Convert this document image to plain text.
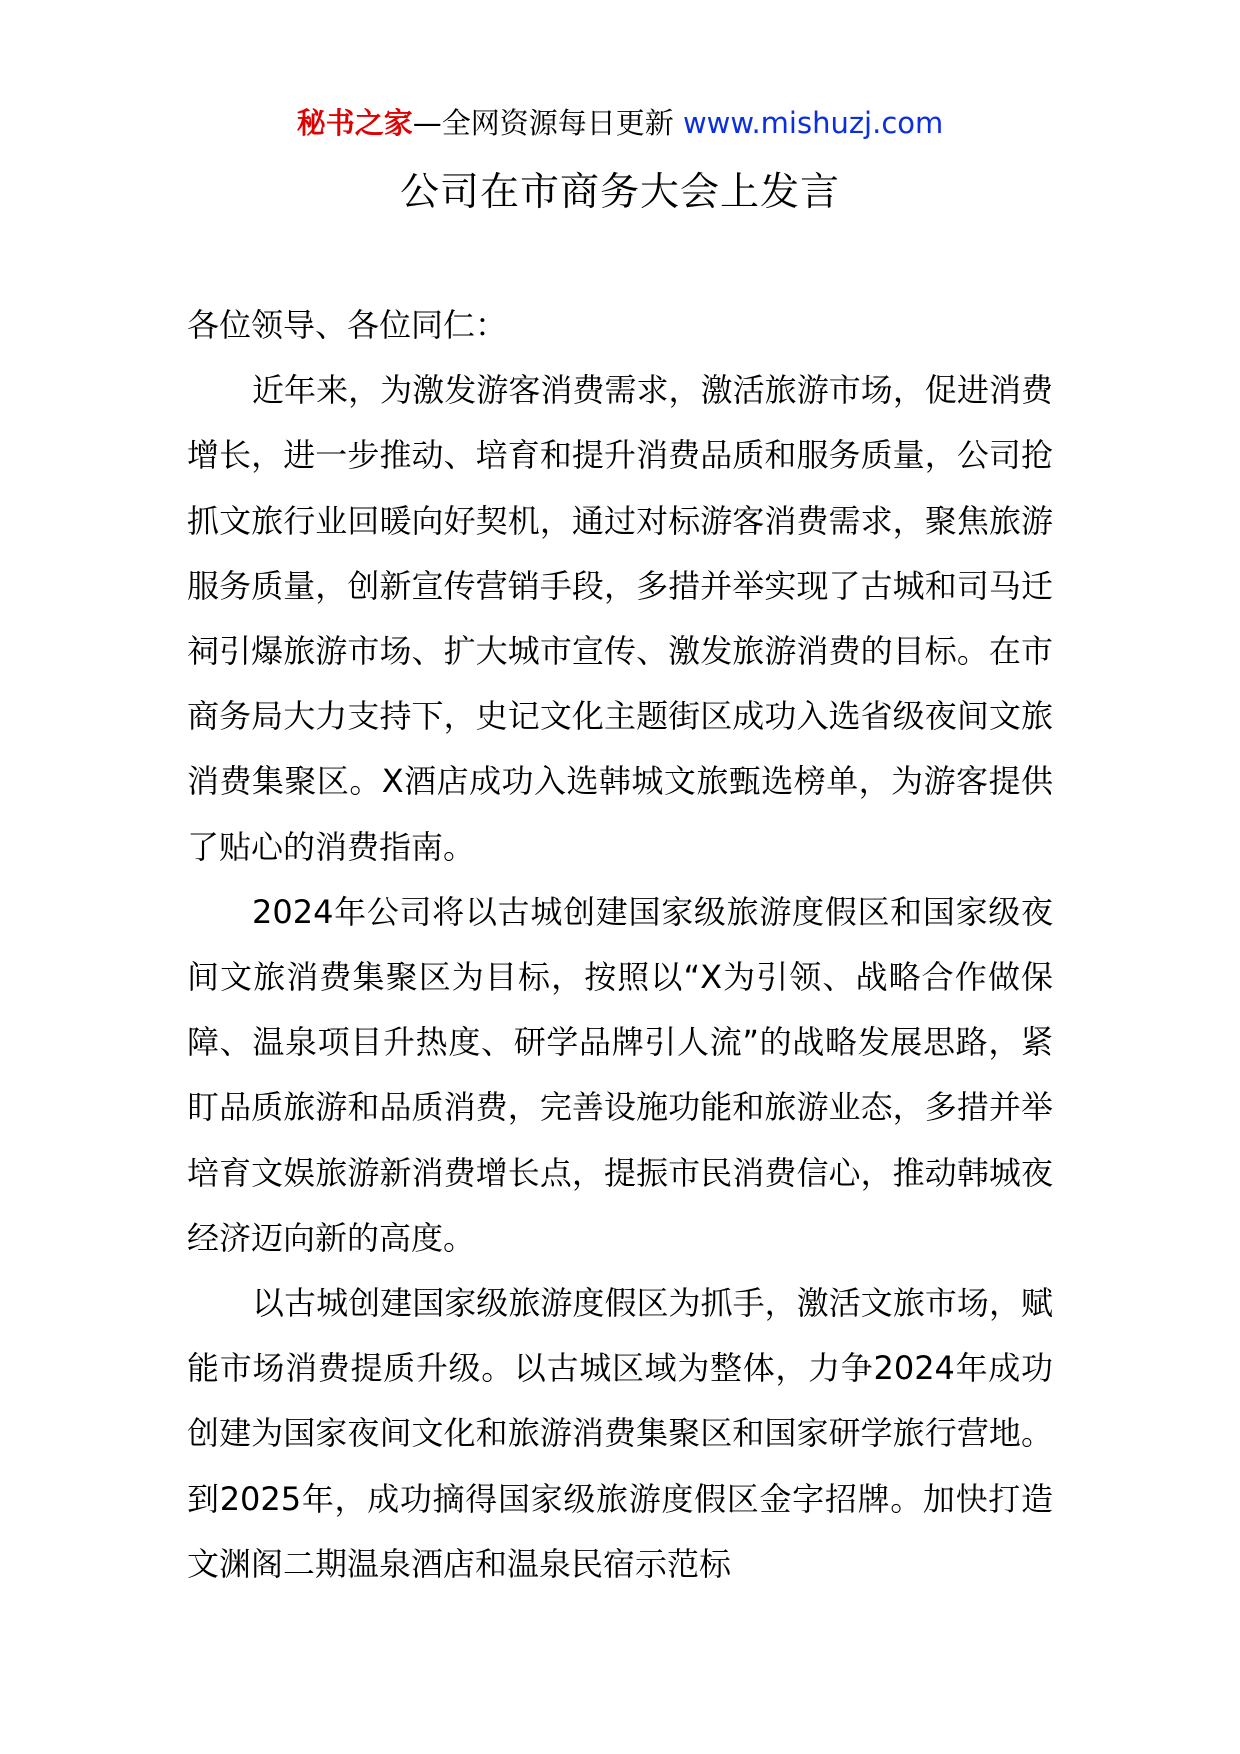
秘书之家—全网资源每日更新 www.mishuzj.com
公司在市商务大会上发言

各位领导、各位同仁：

近年来，为激发游客消费需求，激活旅游市场，促进消费增长，进一步推动、培育和提升消费品质和服务质量，公司抢抓文旅行业回暖向好契机，通过对标游客消费需求，聚焦旅游服务质量，创新宣传营销手段，多措并举实现了古城和司马迁祠引爆旅游市场、扩大城市宣传、激发旅游消费的目标。在市商务局大力支持下，史记文化主题街区成功入选省级夜间文旅消费集聚区。X酒店成功入选韩城文旅甄选榜单，为游客提供了贴心的消费指南。

2024年公司将以古城创建国家级旅游度假区和国家级夜间文旅消费集聚区为目标，按照以“X为引领、战略合作做保障、温泉项目升热度、研学品牌引人流”的战略发展思路，紧盯品质旅游和品质消费，完善设施功能和旅游业态，多措并举培育文娱旅游新消费增长点，提振市民消费信心，推动韩城夜经济迈向新的高度。

以古城创建国家级旅游度假区为抓手，激活文旅市场，赋能市场消费提质升级。以古城区域为整体，力争2024年成功创建为国家夜间文化和旅游消费集聚区和国家研学旅行营地。到2025年，成功摘得国家级旅游度假区金字招牌。加快打造文渊阁二期温泉酒店和温泉民宿示范标
